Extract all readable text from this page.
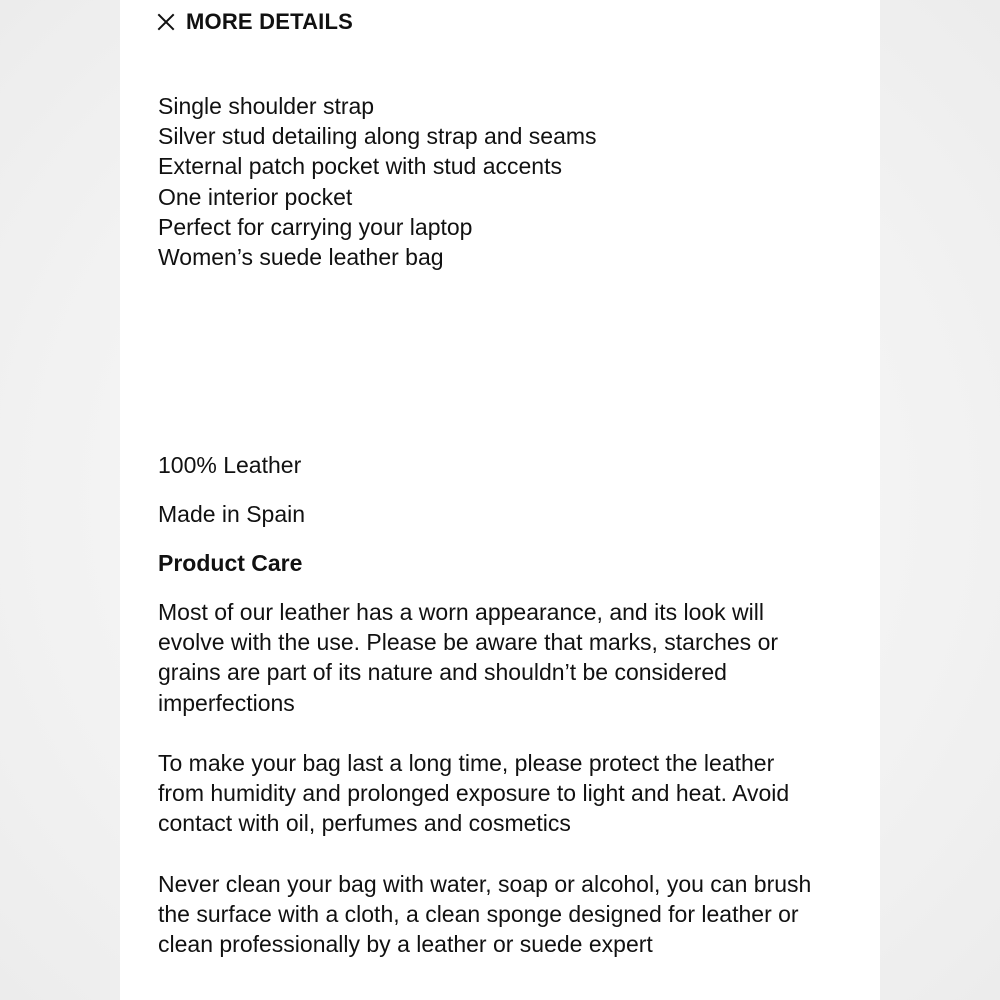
MORE DETAILS
Single shoulder strap
Silver stud detailing along strap and seams
External patch pocket with stud accents
One interior pocket
Perfect for carrying your laptop
Women’s suede leather bag

100% Leather

Made in Spain

Product Care

Most of our leather has a worn appearance, and its look will
evolve with the use. Please be aware that marks, starches or
grains are part of its nature and shouldn’t be considered
imperfections

To make your bag last a long time, please protect the leather
from humidity and prolonged exposure to light and heat. Avoid
contact with oil, perfumes and cosmetics

Never clean your bag with water, soap or alcohol, you can brush
the surface with a cloth, a clean sponge designed for leather or
clean professionally by a leather or suede expert
